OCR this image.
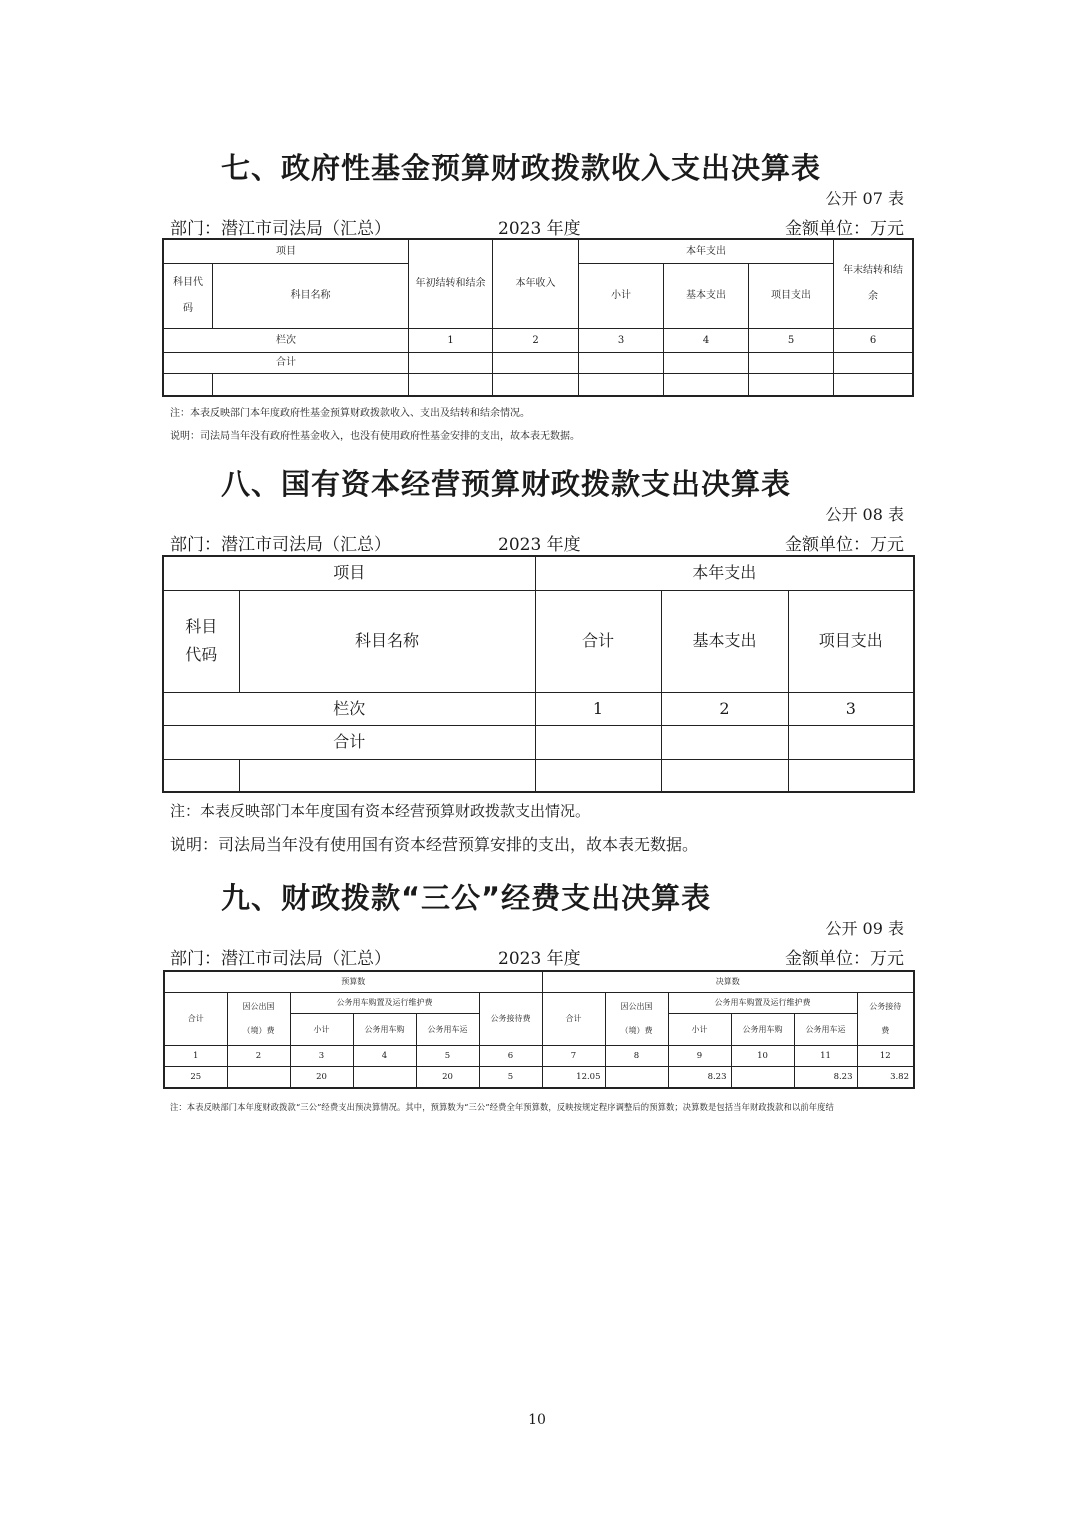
七、政府性基金预算财政拨款收入支出决算表
公开 07 表
部门：潜江市司法局（汇总）	2023 年度	金额单位：万元
项目		年初结转和结余	本年收入	本年支出			年末结转和结余
科目代码	科目名称			小计	基本支出	项目支出	
栏次		1	2	3	4	5	6
合计							

注：本表反映部门本年度政府性基金预算财政拨款收入、支出及结转和结余情况。
说明：司法局当年没有政府性基金收入，也没有使用政府性基金安排的支出，故本表无数据。
八、国有资本经营预算财政拨款支出决算表
公开 08 表
部门：潜江市司法局（汇总）	2023 年度	金额单位：万元
项目		本年支出		
科目代码	科目名称	合计	基本支出	项目支出
栏次		1	2	3
合计				

注：本表反映部门本年度国有资本经营预算财政拨款支出情况。
说明：司法局当年没有使用国有资本经营预算安排的支出，故本表无数据。
九、财政拨款“三公”经费支出决算表
公开 09 表
部门：潜江市司法局（汇总）	2023 年度	金额单位：万元
预算数						决算数					
合计	因公出国（境）费	公务用车购置及运行维护费			公务接待费	合计	因公出国（境）费	公务用车购置及运行维护费			公务接待费
		小计	公务用车购	公务用车运				小计	公务用车购	公务用车运	
1	2	3	4	5	6	7	8	9	10	11	12
25		20		20	5	12.05		8.23		8.23	3.82
注：本表反映部门本年度财政拨款“三公”经费支出预决算情况。其中，预算数为“三公”经费全年预算数，反映按规定程序调整后的预算数；决算数是包括当年财政拨款和以前年度结
10
